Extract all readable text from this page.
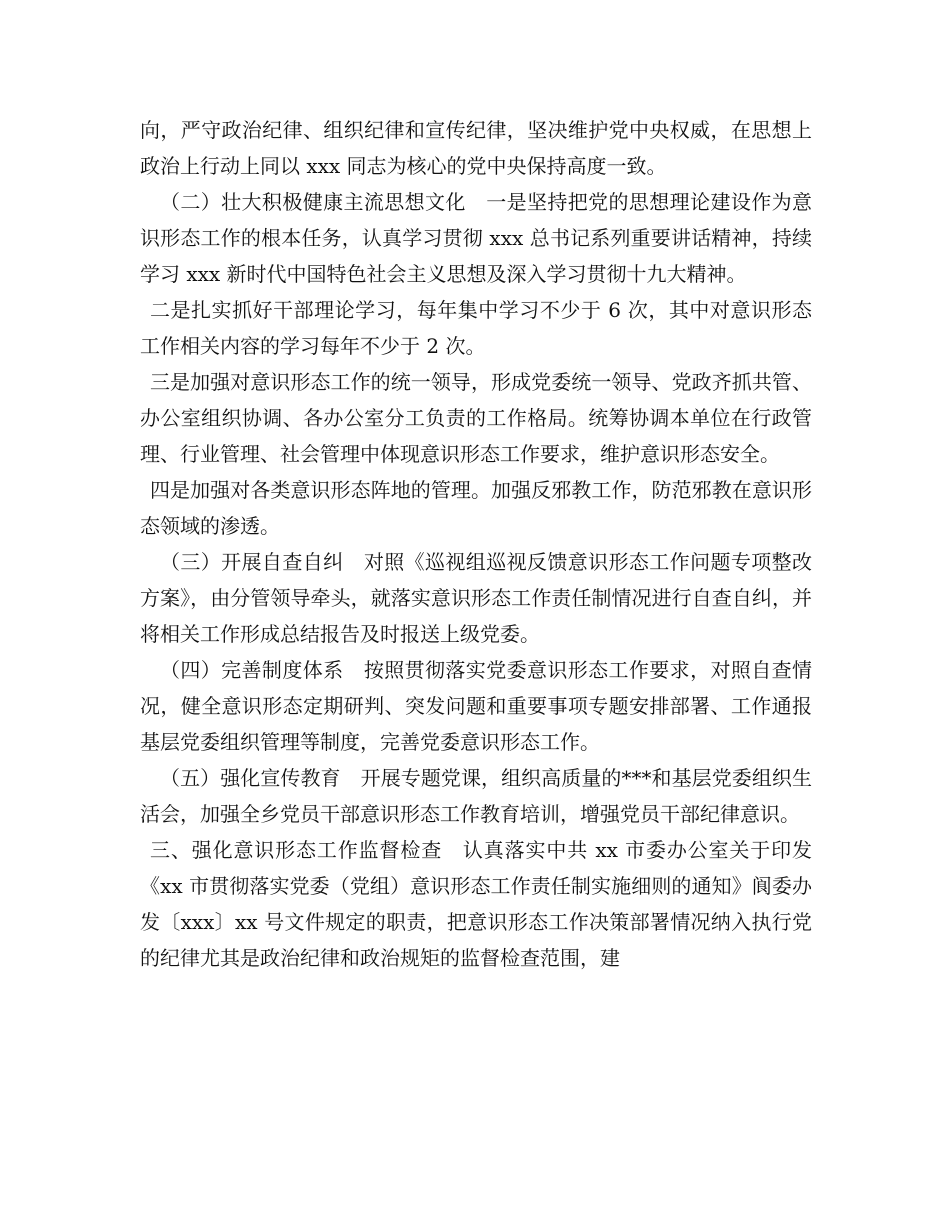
向，严守政治纪律、组织纪律和宣传纪律，坚决维护党中央权威，在思想上政治上行动上同以 xxx 同志为核心的党中央保持高度一致。

（二）壮大积极健康主流思想文化　一是坚持把党的思想理论建设作为意识形态工作的根本任务，认真学习贯彻 xxx 总书记系列重要讲话精神，持续学习 xxx 新时代中国特色社会主义思想及深入学习贯彻十九大精神。

二是扎实抓好干部理论学习，每年集中学习不少于 6 次，其中对意识形态工作相关内容的学习每年不少于 2 次。

三是加强对意识形态工作的统一领导，形成党委统一领导、党政齐抓共管、办公室组织协调、各办公室分工负责的工作格局。统筹协调本单位在行政管理、行业管理、社会管理中体现意识形态工作要求，维护意识形态安全。

四是加强对各类意识形态阵地的管理。加强反邪教工作，防范邪教在意识形态领域的渗透。

（三）开展自查自纠　对照《巡视组巡视反馈意识形态工作问题专项整改方案》，由分管领导牵头，就落实意识形态工作责任制情况进行自查自纠，并将相关工作形成总结报告及时报送上级党委。

（四）完善制度体系　按照贯彻落实党委意识形态工作要求，对照自查情况，健全意识形态定期研判、突发问题和重要事项专题安排部署、工作通报基层党委组织管理等制度，完善党委意识形态工作。

（五）强化宣传教育　开展专题党课，组织高质量的***和基层党委组织生活会，加强全乡党员干部意识形态工作教育培训，增强党员干部纪律意识。

三、强化意识形态工作监督检查　认真落实中共 xx 市委办公室关于印发《xx 市贯彻落实党委（党组）意识形态工作责任制实施细则的通知》阆委办发〔xxx〕xx 号文件规定的职责，把意识形态工作决策部署情况纳入执行党的纪律尤其是政治纪律和政治规矩的监督检查范围，建
